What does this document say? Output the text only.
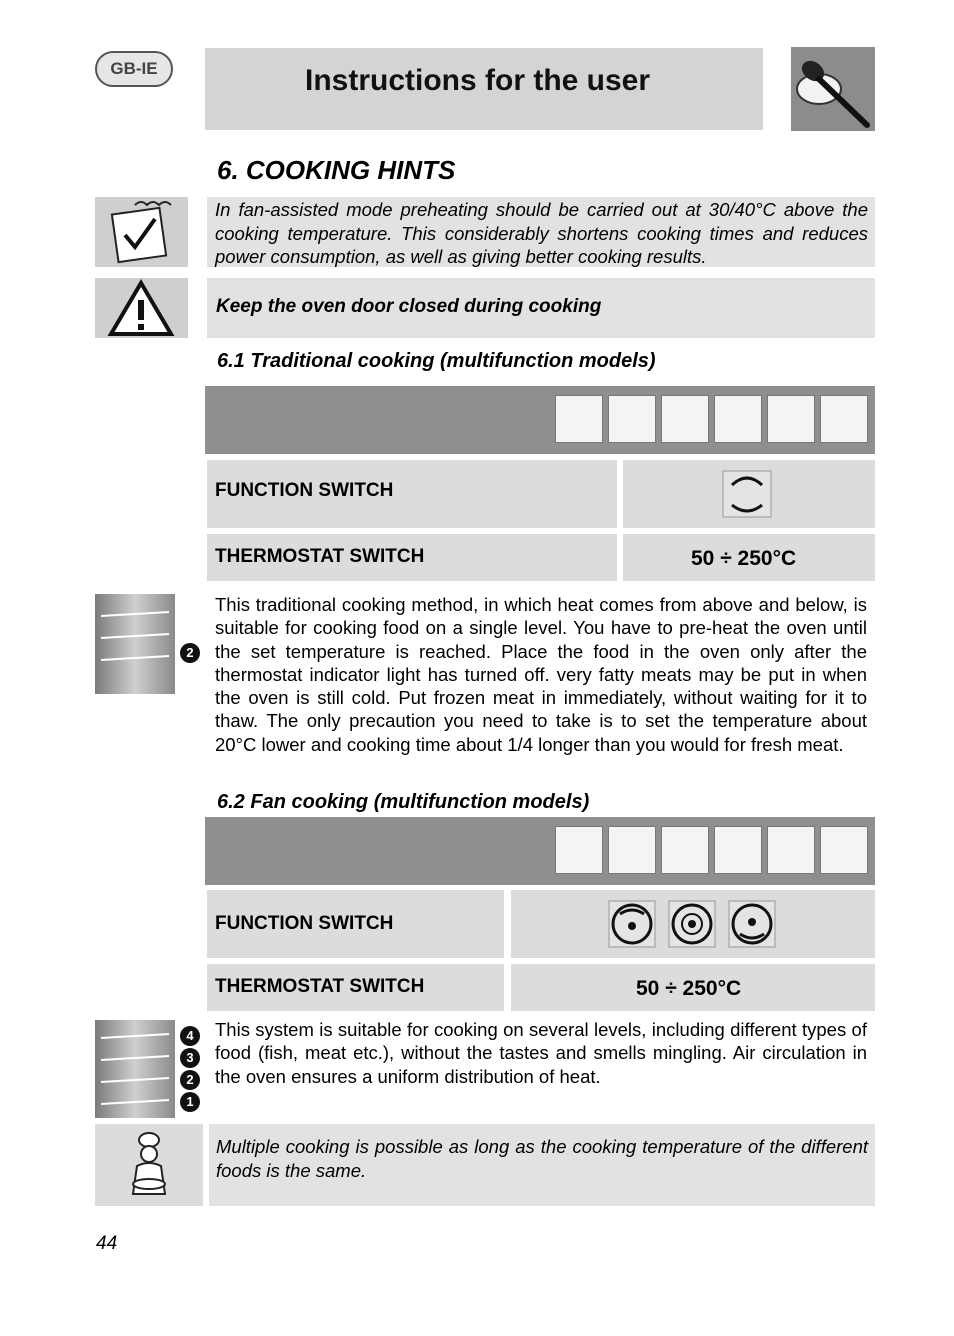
GB-IE	Instructions for the user
6. COOKING HINTS
In fan-assisted mode preheating should be carried out at 30/40°C above the cooking temperature. This considerably shortens cooking times and reduces power consumption, as well as giving better cooking results.
Keep the oven door closed during cooking
6.1 Traditional cooking (multifunction models)
FUNCTION SWITCH
THERMOSTAT SWITCH	50 ÷ 250°C
2
This traditional cooking method, in which heat comes from above and below, is suitable for cooking food on a single level. You have to pre-heat the oven until the set temperature is reached. Place the food in the oven only after the thermostat indicator light has turned off. very fatty meats may be put in when the oven is still cold. Put frozen meat in immediately, without waiting for it to thaw. The only precaution you need to take is to set the temperature about 20°C lower and cooking time about 1/4 longer than you would for fresh meat.
6.2 Fan cooking (multifunction models)
FUNCTION SWITCH
THERMOSTAT SWITCH	50 ÷ 250°C
4
3
2
1
This system is suitable for cooking on several levels, including different types of food (fish, meat etc.), without the tastes and smells mingling. Air circulation in the oven ensures a uniform distribution of heat.
Multiple cooking is possible as long as the cooking temperature of the different foods is the same.
44
